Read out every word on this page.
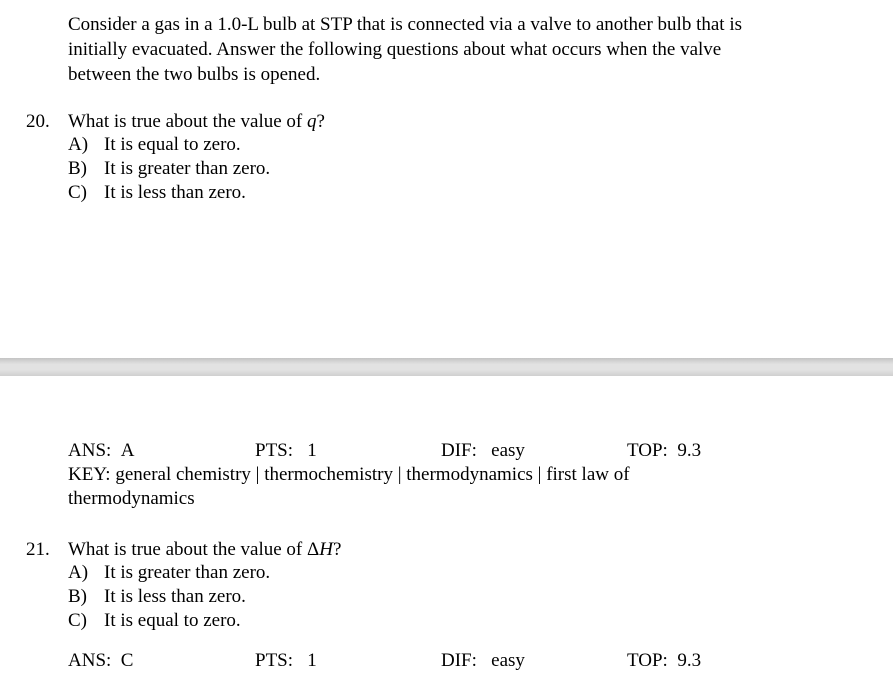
Consider a gas in a 1.0-L bulb at STP that is connected via a valve to another bulb that is
initially evacuated. Answer the following questions about what occurs when the valve
between the two bulbs is opened.
20. What is true about the value of q?
A) It is equal to zero.
B) It is greater than zero.
C) It is less than zero.
ANS: A	PTS: 1	DIF: easy	TOP: 9.3
KEY: general chemistry | thermochemistry | thermodynamics | first law of
thermodynamics
21. What is true about the value of ΔH?
A) It is greater than zero.
B) It is less than zero.
C) It is equal to zero.
ANS: C	PTS: 1	DIF: easy	TOP: 9.3
